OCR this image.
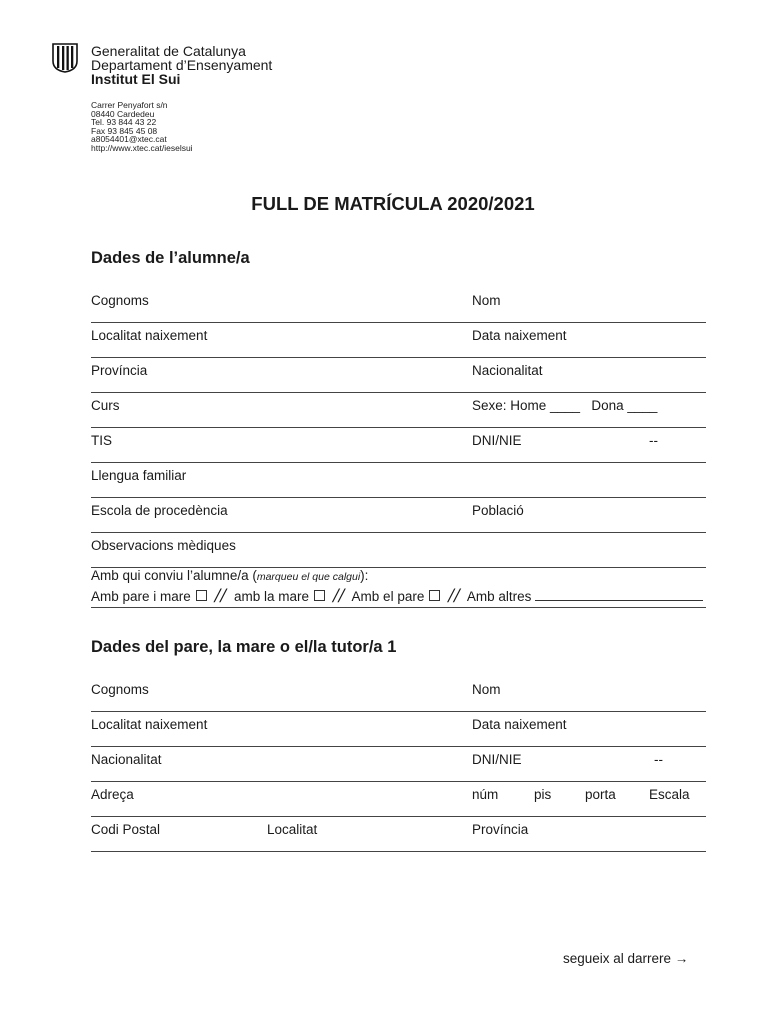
Generalitat de Catalunya
Departament d’Ensenyament
Institut El Sui
Carrer Penyafort s/n
08440 Cardedeu
Tel. 93 844 43 22
Fax 93 845 45 08
a8054401@xtec.cat
http://www.xtec.cat/ieselsui
FULL DE MATRÍCULA 2020/2021
Dades de l’alumne/a
Cognoms	Nom
Localitat naixement	Data naixement
Província	Nacionalitat
Curs	Sexe: Home ____   Dona ____
TIS	DNI/NIE	--
Llengua familiar
Escola de procedència	Població
Observacions mèdiques
Amb qui conviu l’alumne/a (marqueu el que calgui):
Amb pare i mare // amb la mare // Amb el pare // Amb altres
Dades del pare, la mare o el/la tutor/a 1
Cognoms	Nom
Localitat naixement	Data naixement
Nacionalitat	DNI/NIE	--
Adreça	núm	pis porta Escala
Codi Postal	Localitat	Província
segueix al darrere →
